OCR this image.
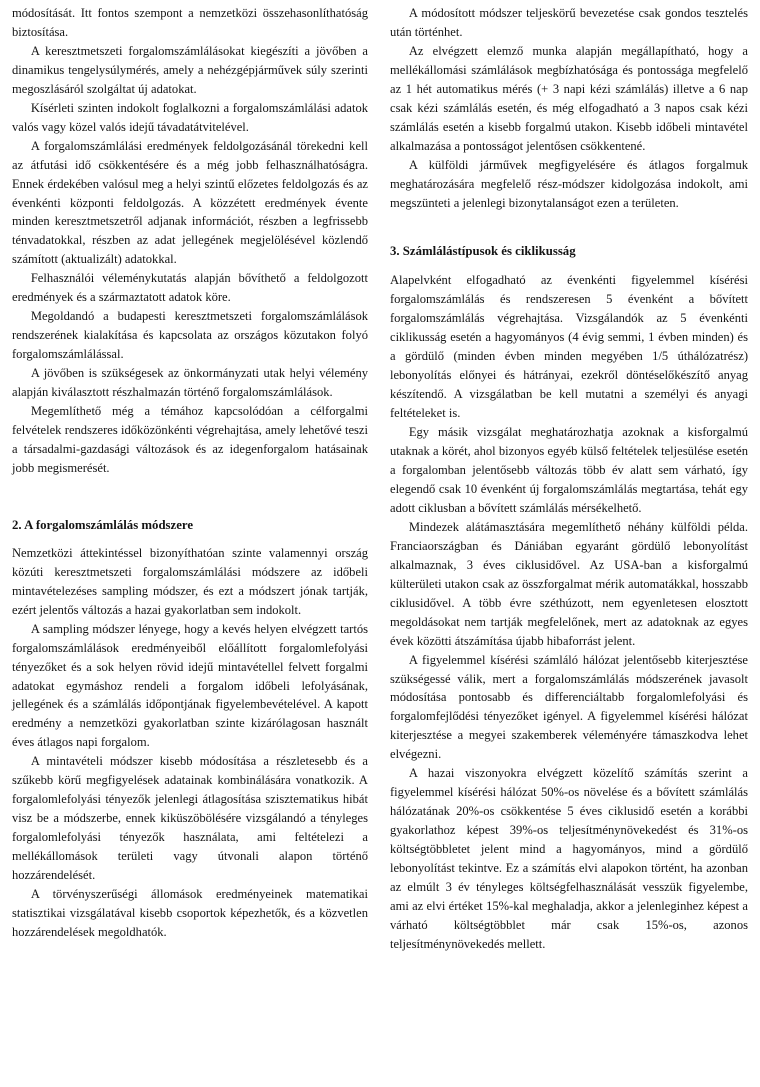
módosítását. Itt fontos szempont a nemzetközi összehasonlíthatóság biztosítása.

A keresztmetszeti forgalomszámlálásokat kiegészíti a jövőben a dinamikus tengelysúlymérés, amely a nehézgépjárművek súly szerinti megoszlásáról szolgáltat új adatokat.

Kísérleti szinten indokolt foglalkozni a forgalomszámlálási adatok valós vagy közel valós idejű távadatátvitelével.

A forgalomszámlálási eredmények feldolgozásánál törekedni kell az átfutási idő csökkentésére és a még jobb felhasználhatóságra. Ennek érdekében valósul meg a helyi szintű előzetes feldolgozás és az évenkénti központi feldolgozás. A közzétett eredmények évente minden keresztmetszetről adjanak információt, részben a legfrissebb ténvadatokkal, részben az adat jellegének megjelölésével közlendő számított (aktualizált) adatokkal.

Felhasználói véleménykutatás alapján bővíthető a feldolgozott eredmények és a származtatott adatok köre.

Megoldandó a budapesti keresztmetszeti forgalomszámlálások rendszerének kialakítása és kapcsolata az országos közutakon folyó forgalomszámlálással.

A jövőben is szükségesek az önkormányzati utak helyi vélemény alapján kiválasztott részhalmazán történő forgalomszámlálások.

Megemlíthető még a témához kapcsolódóan a célforgalmi felvételek rendszeres időközönkénti végrehajtása, amely lehetővé teszi a társadalmi-gazdasági változások és az idegenforgalom hatásainak jobb megismerését.

2. A forgalomszámlálás módszere

Nemzetközi áttekintéssel bizonyíthatóan szinte valamennyi ország közúti keresztmetszeti forgalomszámlálási módszere az időbeli mintavételezéses sampling módszer, és ezt a módszert jónak tartják, ezért jelentős változás a hazai gyakorlatban sem indokolt.

A sampling módszer lényege, hogy a kevés helyen elvégzett tartós forgalomszámlálások eredményeiből előállított forgalomlefolyási tényezőket és a sok helyen rövid idejű mintavétellel felvett forgalmi adatokat egymáshoz rendeli a forgalom időbeli lefolyásának, jellegének és a számlálás időpontjának figyelembevételével. A kapott eredmény a nemzetközi gyakorlatban szinte kizárólagosan használt éves átlagos napi forgalom.

A mintavételi módszer kisebb módosítása a részletesebb és a szűkebb körű megfigyelések adatainak kombinálására vonatkozik. A forgalomlefolyási tényezők jelenlegi átlagosítása szisztematikus hibát visz be a módszerbe, ennek kiküszöbölésére vizsgálandó a tényleges forgalomlefolyási tényezők használata, ami feltételezi a mellékállomások területi vagy útvonali alapon történő hozzárendelését.

A törvényszerűségi állomások eredményeinek matematikai statisztikai vizsgálatával kisebb csoportok képezhetők, és a közvetlen hozzárendelések megoldhatók.

A módosított módszer teljeskörű bevezetése csak gondos tesztelés után történhet.

Az elvégzett elemző munka alapján megállapítható, hogy a mellékállomási számlálások megbízhatósága és pontossága megfelelő az 1 hét automatikus mérés (+ 3 napi kézi számlálás) illetve a 6 nap csak kézi számlálás esetén, és még elfogadható a 3 napos csak kézi számlálás esetén a kisebb forgalmú utakon. Kisebb időbeli mintavétel alkalmazása a pontosságot jelentősen csökkentené.

A külföldi járművek megfigyelésére és átlagos forgalmuk meghatározására megfelelő rész-módszer kidolgozása indokolt, ami megszünteti a jelenlegi bizonytalanságot ezen a területen.

3. Számlálástípusok és ciklikusság

Alapelvként elfogadható az évenkénti figyelemmel kísérési forgalomszámlálás és rendszeresen 5 évenként a bővített forgalomszámlálás végrehajtása. Vizsgálandók az 5 évenkénti ciklikusság esetén a hagyományos (4 évig semmi, 1 évben minden) és a gördülő (minden évben minden megyében 1/5 úthálózatrész) lebonyolítás előnyei és hátrányai, ezekről döntéselőkészítő anyag készítendő. A vizsgálatban be kell mutatni a személyi és anyagi feltételeket is.

Egy másik vizsgálat meghatározhatja azoknak a kisforgalmú utaknak a körét, ahol bizonyos egyéb külső feltételek teljesülése esetén a forgalomban jelentősebb változás több év alatt sem várható, így elegendő csak 10 évenként új forgalomszámlálás megtartása, tehát egy adott ciklusban a bővített számlálás mérsékelhető.

Mindezek alátámasztására megemlíthető néhány külföldi példa. Franciaországban és Dániában egyaránt gördülő lebonyolítást alkalmaznak, 3 éves ciklusidővel. Az USA-ban a kisforgalmú külterületi utakon csak az összforgalmat mérik automatákkal, hosszabb ciklusidővel. A több évre széthúzott, nem egyenletesen elosztott megoldásokat nem tartják megfelelőnek, mert az adatoknak az egyes évek közötti átszámítása újabb hibaforrást jelent.

A figyelemmel kísérési számláló hálózat jelentősebb kiterjesztése szükségessé válik, mert a forgalomszámlálás módszerének javasolt módosítása pontosabb és differenciáltabb forgalomlefolyási és forgalomfejlődési tényezőket igényel. A figyelemmel kísérési hálózat kiterjesztése a megyei szakemberek véleményére támaszkodva lehet elvégezni.

A hazai viszonyokra elvégzett közelítő számítás szerint a figyelemmel kísérési hálózat 50%-os növelése és a bővített számlálás hálózatának 20%-os csökkentése 5 éves ciklusidő esetén a korábbi gyakorlathoz képest 39%-os teljesítménynövekedést és 31%-os költségtöbbletet jelent mind a hagyományos, mind a gördülő lebonyolítást tekintve. Ez a számítás elvi alapokon történt, ha azonban az elmúlt 3 év tényleges költségfelhasználását vesszük figyelembe, ami az elvi értéket 15%-kal meghaladja, akkor a jelenleginhez képest a várható költségtöbblet már csak 15%-os, azonos teljesítménynövekedés mellett.
